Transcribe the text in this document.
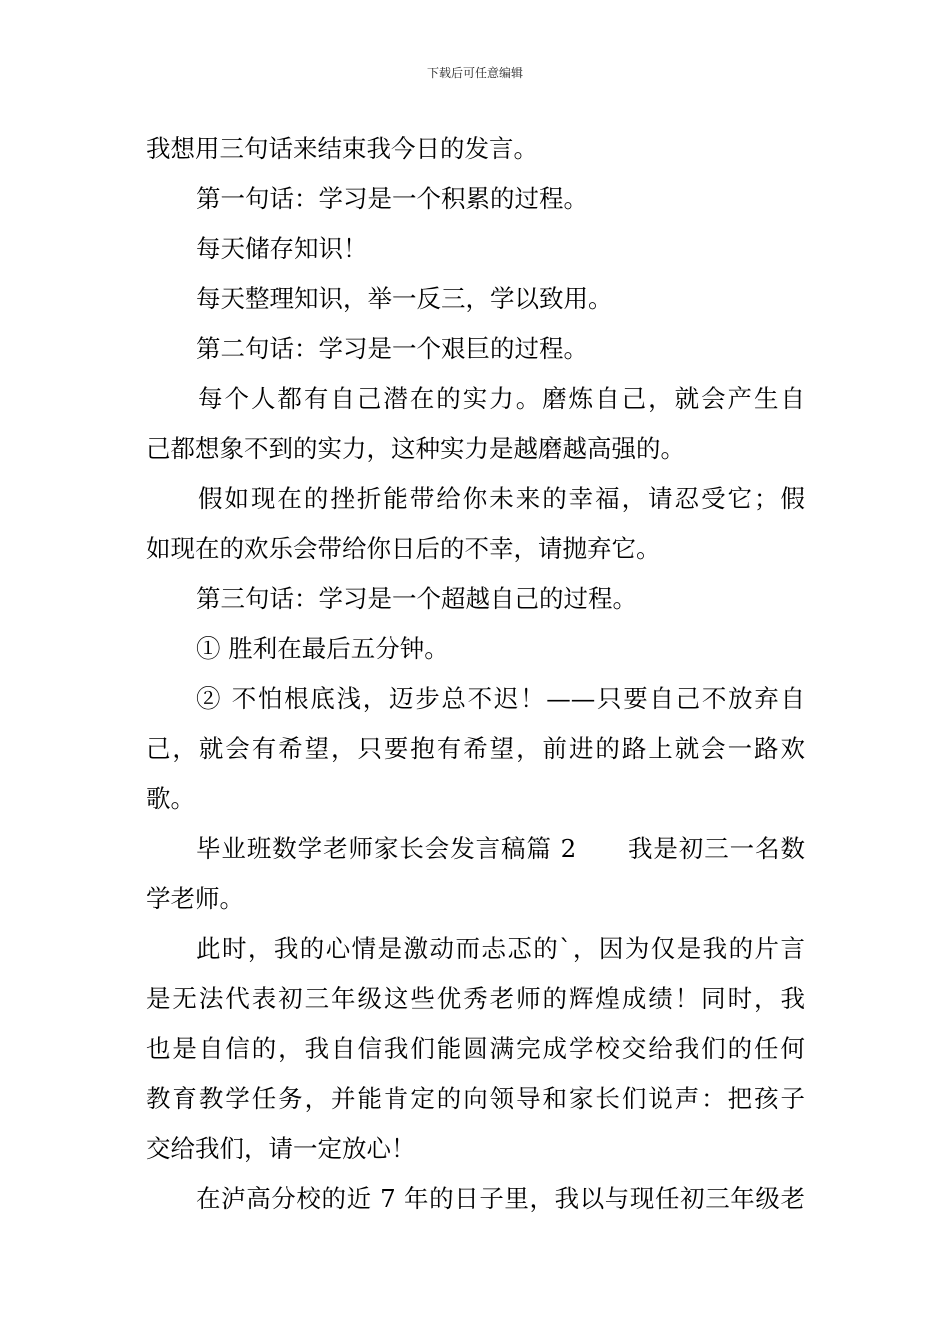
下载后可任意编辑
我想用三句话来结束我今日的发言。
第一句话：学习是一个积累的过程。
每天储存知识！
每天整理知识，举一反三，学以致用。
第二句话：学习是一个艰巨的过程。
每个人都有自己潜在的实力。磨炼自己，就会产生自
己都想象不到的实力，这种实力是越磨越高强的。
假如现在的挫折能带给你未来的幸福，请忍受它；假
如现在的欢乐会带给你日后的不幸，请抛弃它。
第三句话：学习是一个超越自己的过程。
① 胜利在最后五分钟。
② 不怕根底浅，迈步总不迟！——只要自己不放弃自
己，就会有希望，只要抱有希望，前进的路上就会一路欢
歌。
毕业班数学老师家长会发言稿篇 2　　我是初三一名数
学老师。
此时，我的心情是激动而忐忑的`，因为仅是我的片言
是无法代表初三年级这些优秀老师的辉煌成绩！同时，我
也是自信的，我自信我们能圆满完成学校交给我们的任何
教育教学任务，并能肯定的向领导和家长们说声：把孩子
交给我们，请一定放心！
在泸高分校的近 7 年的日子里，我以与现任初三年级老
